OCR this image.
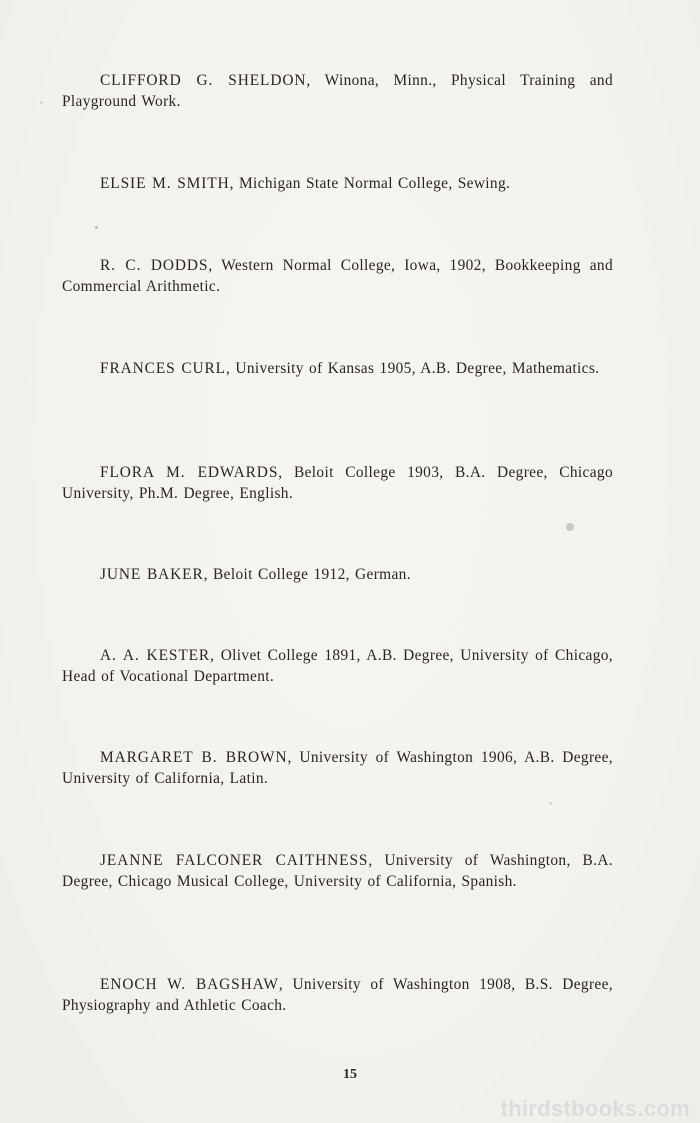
CLIFFORD G. SHELDON, Winona, Minn., Physical Training and Playground Work.

ELSIE M. SMITH, Michigan State Normal College, Sewing.

R. C. DODDS, Western Normal College, Iowa, 1902, Bookkeeping and Commercial Arithmetic.

FRANCES CURL, University of Kansas 1905, A.B. Degree, Mathematics.

FLORA M. EDWARDS, Beloit College 1903, B.A. Degree, Chicago University, Ph.M. Degree, English.

JUNE BAKER, Beloit College 1912, German.

A. A. KESTER, Olivet College 1891, A.B. Degree, University of Chicago, Head of Vocational Department.

MARGARET B. BROWN, University of Washington 1906, A.B. Degree, University of California, Latin.

JEANNE FALCONER CAITHNESS, University of Washington, B.A. Degree, Chicago Musical College, University of California, Spanish.

ENOCH W. BAGSHAW, University of Washington 1908, B.S. Degree, Physiography and Athletic Coach.

15
thirdstbooks.com
